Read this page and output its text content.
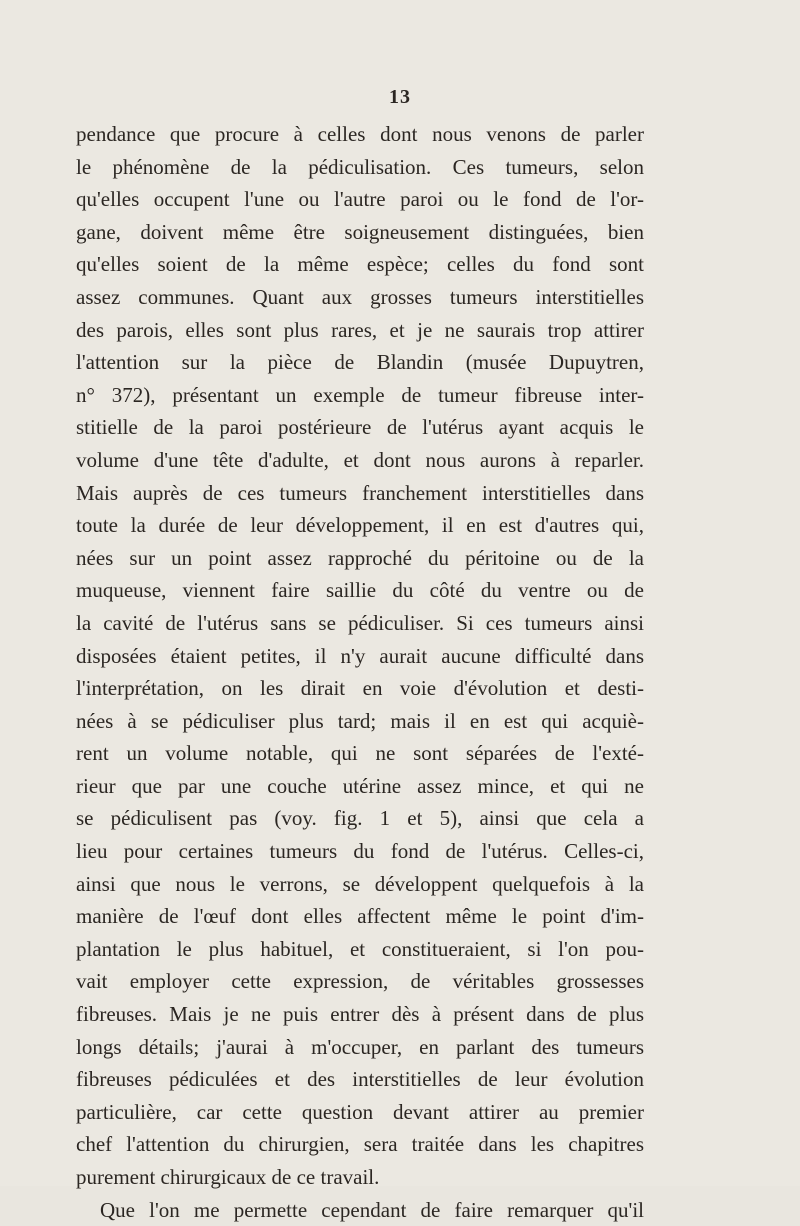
13
pendance que procure à celles dont nous venons de parler
le phénomène de la pédiculisation. Ces tumeurs, selon
qu'elles occupent l'une ou l'autre paroi ou le fond de l'or-
gane, doivent même être soigneusement distinguées, bien
qu'elles soient de la même espèce; celles du fond sont
assez communes. Quant aux grosses tumeurs interstitielles
des parois, elles sont plus rares, et je ne saurais trop attirer
l'attention sur la pièce de Blandin (musée Dupuytren,
n° 372), présentant un exemple de tumeur fibreuse inter-
stitielle de la paroi postérieure de l'utérus ayant acquis le
volume d'une tête d'adulte, et dont nous aurons à reparler.
Mais auprès de ces tumeurs franchement interstitielles dans
toute la durée de leur développement, il en est d'autres qui,
nées sur un point assez rapproché du péritoine ou de la
muqueuse, viennent faire saillie du côté du ventre ou de
la cavité de l'utérus sans se pédiculiser. Si ces tumeurs ainsi
disposées étaient petites, il n'y aurait aucune difficulté dans
l'interprétation, on les dirait en voie d'évolution et desti-
nées à se pédiculiser plus tard; mais il en est qui acquiè-
rent un volume notable, qui ne sont séparées de l'exté-
rieur que par une couche utérine assez mince, et qui ne
se pédiculisent pas (voy. fig. 1 et 5), ainsi que cela a
lieu pour certaines tumeurs du fond de l'utérus. Celles-ci,
ainsi que nous le verrons, se développent quelquefois à la
manière de l'œuf dont elles affectent même le point d'im-
plantation le plus habituel, et constitueraient, si l'on pou-
vait employer cette expression, de véritables grossesses
fibreuses. Mais je ne puis entrer dès à présent dans de plus
longs détails; j'aurai à m'occuper, en parlant des tumeurs
fibreuses pédiculées et des interstitielles de leur évolution
particulière, car cette question devant attirer au premier
chef l'attention du chirurgien, sera traitée dans les chapitres
purement chirurgicaux de ce travail.
Que l'on me permette cependant de faire remarquer qu'il
